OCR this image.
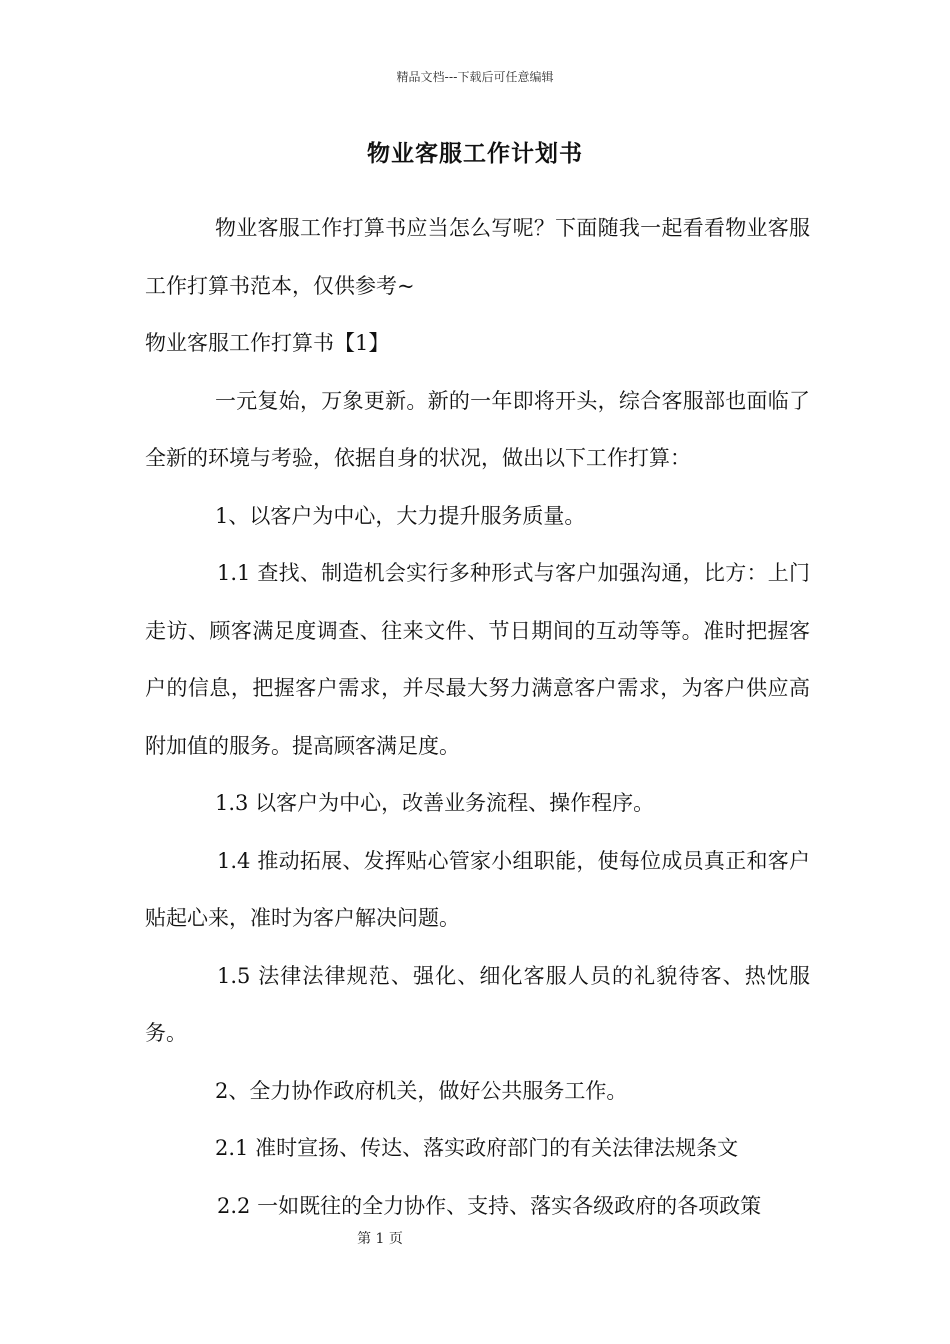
精品文档---下载后可任意编辑
物业客服工作计划书

物业客服工作打算书应当怎么写呢？下面随我一起看看物业客服工作打算书范本，仅供参考~

物业客服工作打算书【1】

一元复始，万象更新。新的一年即将开头，综合客服部也面临了全新的环境与考验，依据自身的状况，做出以下工作打算：

1、以客户为中心，大力提升服务质量。

1.1 查找、制造机会实行多种形式与客户加强沟通，比方：上门走访、顾客满足度调查、往来文件、节日期间的互动等等。准时把握客户的信息，把握客户需求，并尽最大努力满意客户需求，为客户供应高附加值的服务。提高顾客满足度。

1.3 以客户为中心，改善业务流程、操作程序。

1.4 推动拓展、发挥贴心管家小组职能，使每位成员真正和客户贴起心来，准时为客户解决问题。

1.5 法律法律规范、强化、细化客服人员的礼貌待客、热忱服务。

2、全力协作政府机关，做好公共服务工作。

2.1 准时宣扬、传达、落实政府部门的有关法律法规条文

2.2 一如既往的全力协作、支持、落实各级政府的各项政策

第 1 页
